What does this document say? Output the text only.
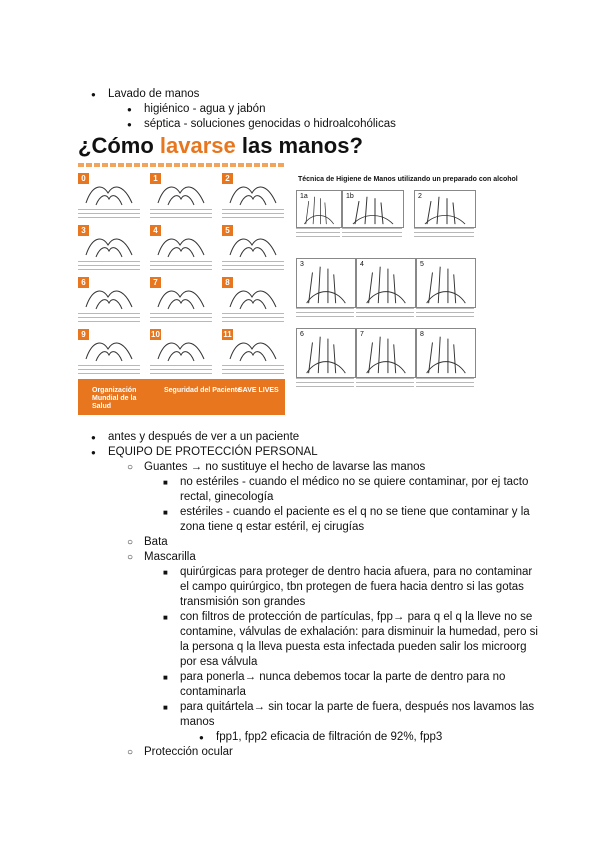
● Lavado de manos
● higiénico - agua y jabón
● séptica - soluciones genocidas o hidroalcohólicas
¿Cómo lavarse las manos?
0	1	2
3	4	5
6	7	8
9	10	11
Organización Mundial de la Salud
Seguridad del Paciente
SAVE LIVES
Técnica de Higiene de Manos utilizando un preparado con alcohol
1a	1b	2
3	4	5
6	7	8
● antes y después de ver a un paciente
● EQUIPO DE PROTECCIÓN PERSONAL
○ Guantes → no sustituye el hecho de lavarse las manos
■ no estériles - cuando el médico no se quiere contaminar, por ej tacto
rectal, ginecología
■ estériles - cuando el paciente es el q no se tiene que contaminar y la
zona tiene q estar estéril, ej cirugías
○ Bata
○ Mascarilla
■ quirúrgicas para proteger de dentro hacia afuera, para no contaminar
el campo quirúrgico, tbn protegen de fuera hacia dentro si las gotas
transmisión son grandes
■ con filtros de protección de partículas, fpp→ para q el q la lleve no se
contamine, válvulas de exhalación: para disminuir la humedad, pero si
la persona q la lleva puesta esta infectada pueden salir los microorg
por esa válvula
■ para ponerla→ nunca debemos tocar la parte de dentro para no
contaminarla
■ para quitártela→ sin tocar la parte de fuera, después nos lavamos las
manos
● fpp1, fpp2 eficacia de filtración de 92%, fpp3
○ Protección ocular
